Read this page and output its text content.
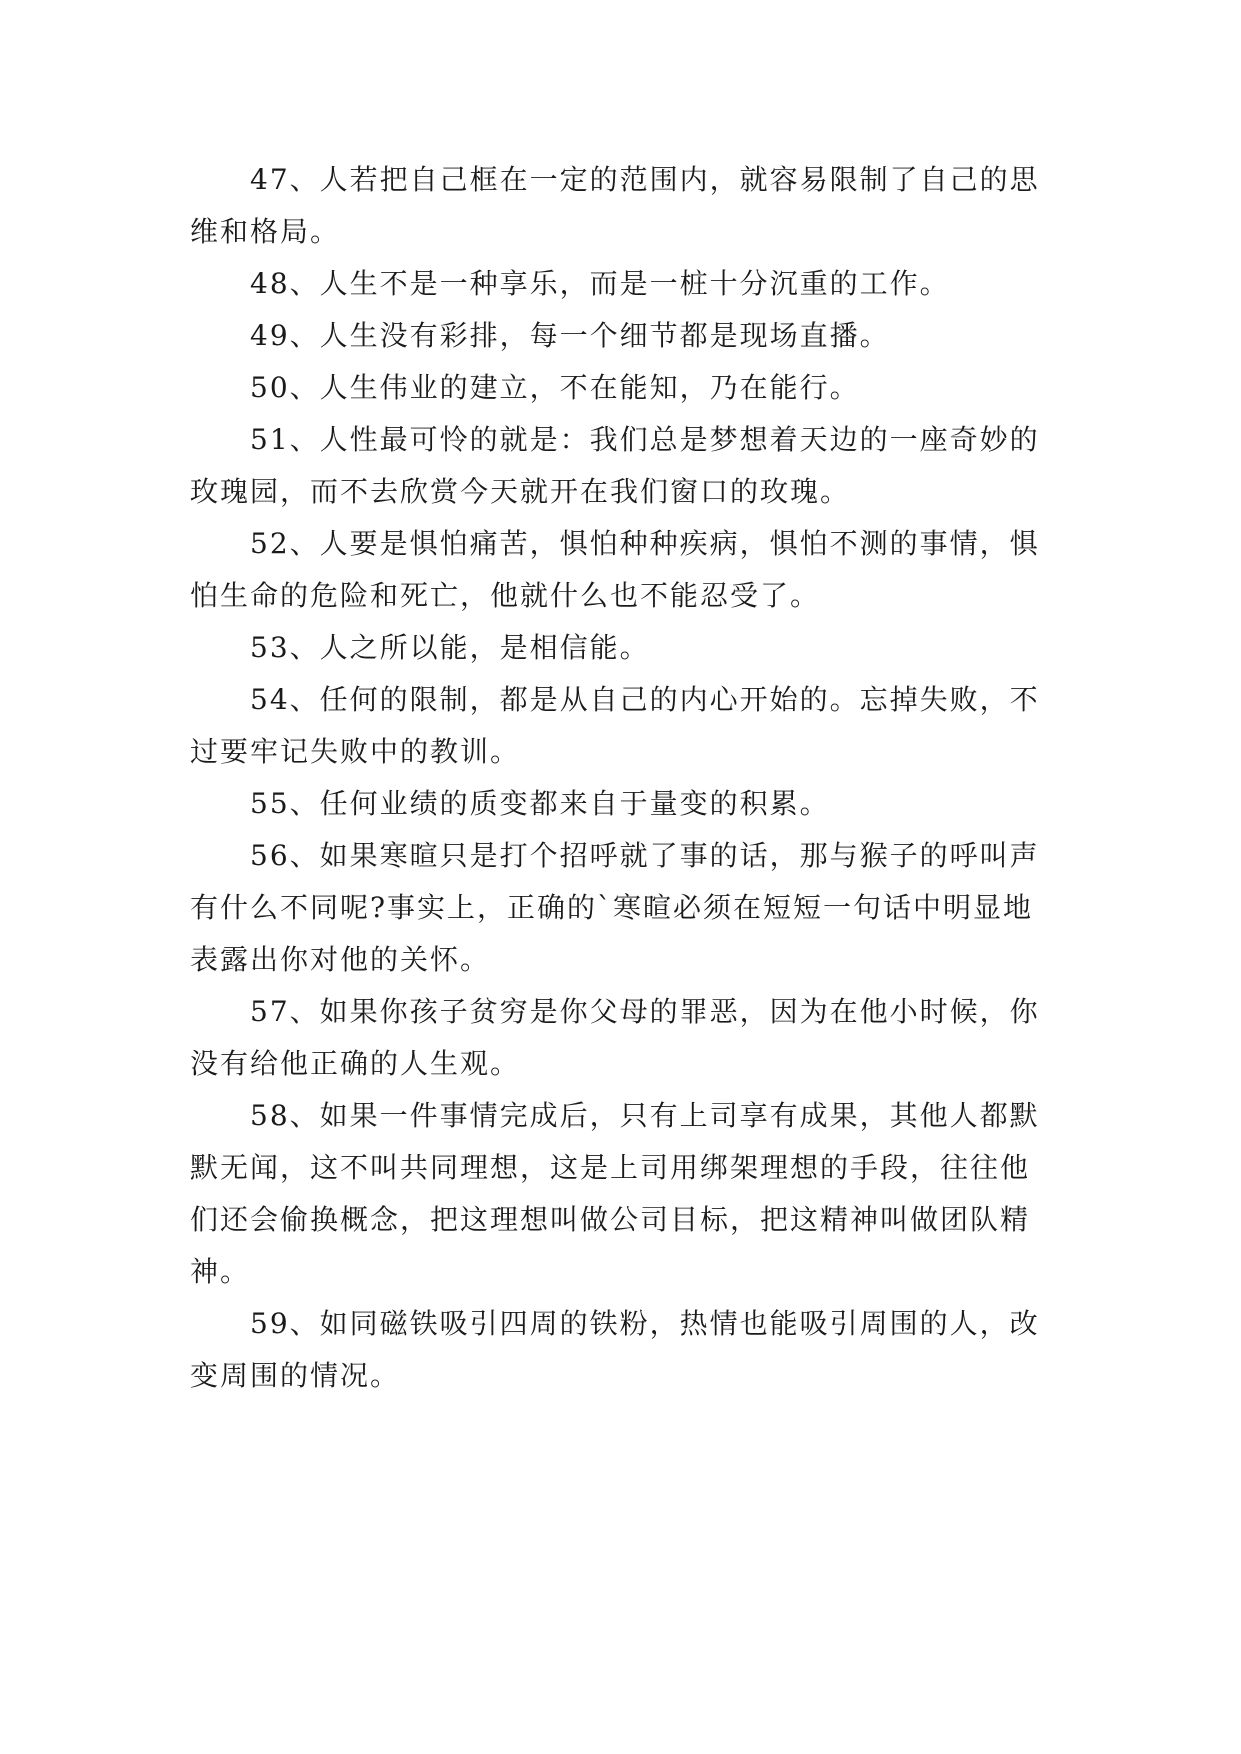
47、人若把自己框在一定的范围内，就容易限制了自己的思维和格局。

48、人生不是一种享乐，而是一桩十分沉重的工作。

49、人生没有彩排，每一个细节都是现场直播。

50、人生伟业的建立，不在能知，乃在能行。

51、人性最可怜的就是：我们总是梦想着天边的一座奇妙的玫瑰园，而不去欣赏今天就开在我们窗口的玫瑰。

52、人要是惧怕痛苦，惧怕种种疾病，惧怕不测的事情，惧怕生命的危险和死亡，他就什么也不能忍受了。

53、人之所以能，是相信能。

54、任何的限制，都是从自己的内心开始的。忘掉失败，不过要牢记失败中的教训。

55、任何业绩的质变都来自于量变的积累。

56、如果寒暄只是打个招呼就了事的话，那与猴子的呼叫声有什么不同呢?事实上，正确的`寒暄必须在短短一句话中明显地表露出你对他的关怀。

57、如果你孩子贫穷是你父母的罪恶，因为在他小时候，你没有给他正确的人生观。

58、如果一件事情完成后，只有上司享有成果，其他人都默默无闻，这不叫共同理想，这是上司用绑架理想的手段，往往他们还会偷换概念，把这理想叫做公司目标，把这精神叫做团队精神。

59、如同磁铁吸引四周的铁粉，热情也能吸引周围的人，改变周围的情况。
